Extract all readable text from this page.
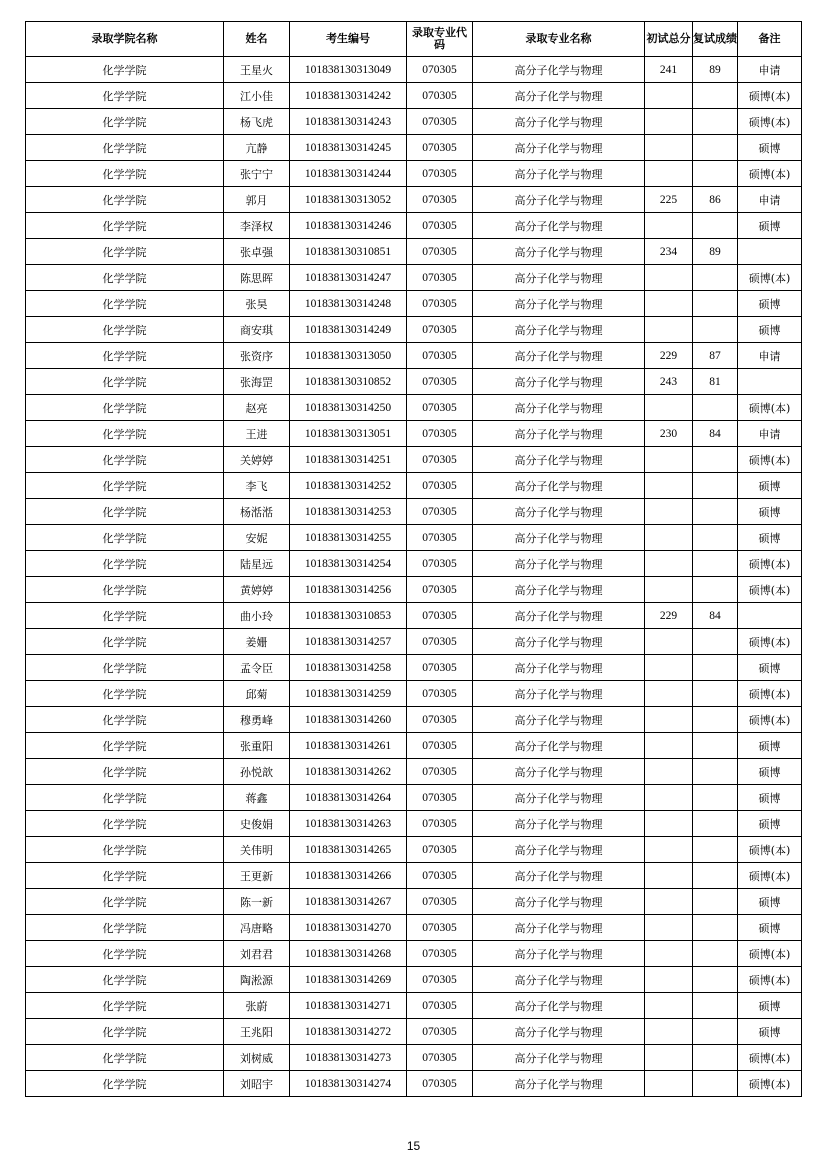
录取学院名称	姓名	考生编号	录取专业代码	录取专业名称	初试总分	复试成绩	备注
化学学院	王星火	101838130313049	070305	高分子化学与物理	241	89	申请
化学学院	江小佳	101838130314242	070305	高分子化学与物理			硕博(本)
化学学院	杨飞虎	101838130314243	070305	高分子化学与物理			硕博(本)
化学学院	亢静	101838130314245	070305	高分子化学与物理			硕博
化学学院	张宁宁	101838130314244	070305	高分子化学与物理			硕博(本)
化学学院	郭月	101838130313052	070305	高分子化学与物理	225	86	申请
化学学院	李泽权	101838130314246	070305	高分子化学与物理			硕博
化学学院	张卓强	101838130310851	070305	高分子化学与物理	234	89	
化学学院	陈思晖	101838130314247	070305	高分子化学与物理			硕博(本)
化学学院	张昊	101838130314248	070305	高分子化学与物理			硕博
化学学院	商安琪	101838130314249	070305	高分子化学与物理			硕博
化学学院	张资序	101838130313050	070305	高分子化学与物理	229	87	申请
化学学院	张海罡	101838130310852	070305	高分子化学与物理	243	81	
化学学院	赵亮	101838130314250	070305	高分子化学与物理			硕博(本)
化学学院	王进	101838130313051	070305	高分子化学与物理	230	84	申请
化学学院	关婷婷	101838130314251	070305	高分子化学与物理			硕博(本)
化学学院	李飞	101838130314252	070305	高分子化学与物理			硕博
化学学院	杨湉湉	101838130314253	070305	高分子化学与物理			硕博
化学学院	安妮	101838130314255	070305	高分子化学与物理			硕博
化学学院	陆星远	101838130314254	070305	高分子化学与物理			硕博(本)
化学学院	黄婷婷	101838130314256	070305	高分子化学与物理			硕博(本)
化学学院	曲小玲	101838130310853	070305	高分子化学与物理	229	84	
化学学院	姜姗	101838130314257	070305	高分子化学与物理			硕博(本)
化学学院	孟令臣	101838130314258	070305	高分子化学与物理			硕博
化学学院	邱菊	101838130314259	070305	高分子化学与物理			硕博(本)
化学学院	穆勇峰	101838130314260	070305	高分子化学与物理			硕博(本)
化学学院	张重阳	101838130314261	070305	高分子化学与物理			硕博
化学学院	孙悦歆	101838130314262	070305	高分子化学与物理			硕博
化学学院	蒋鑫	101838130314264	070305	高分子化学与物理			硕博
化学学院	史俊娟	101838130314263	070305	高分子化学与物理			硕博
化学学院	关伟明	101838130314265	070305	高分子化学与物理			硕博(本)
化学学院	王更新	101838130314266	070305	高分子化学与物理			硕博(本)
化学学院	陈一新	101838130314267	070305	高分子化学与物理			硕博
化学学院	冯唐略	101838130314270	070305	高分子化学与物理			硕博
化学学院	刘君君	101838130314268	070305	高分子化学与物理			硕博(本)
化学学院	陶淞源	101838130314269	070305	高分子化学与物理			硕博(本)
化学学院	张蔚	101838130314271	070305	高分子化学与物理			硕博
化学学院	王兆阳	101838130314272	070305	高分子化学与物理			硕博
化学学院	刘树威	101838130314273	070305	高分子化学与物理			硕博(本)
化学学院	刘昭宇	101838130314274	070305	高分子化学与物理			硕博(本)
15
